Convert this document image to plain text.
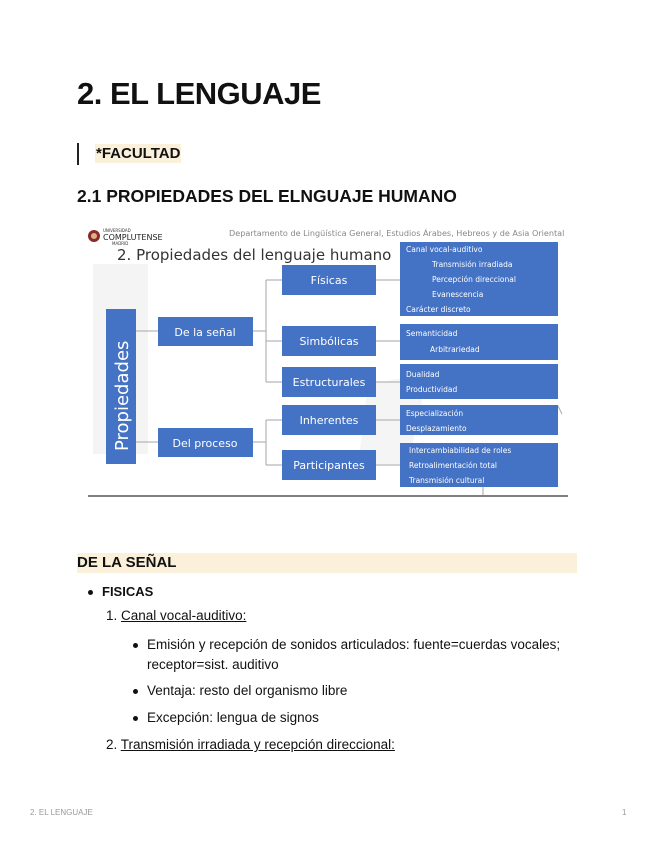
2. EL LENGUAJE
*FACULTAD
2.1 PROPIEDADES DEL ELNGUAJE HUMANO
UNIVERSIDAD
COMPLUTENSE
MADRID
Departamento de Lingüística General, Estudios Árabes, Hebreos y de Asia Oriental
2. Propiedades del lenguaje humano
Propiedades
De la señal
Del proceso
Físicas
Simbólicas
Estructurales
Inherentes
Participantes
Canal vocal-auditivo
Transmisión irradiada
Percepción direccional
Evanescencia
Carácter discreto
Semanticidad
Arbitrariedad
Dualidad
Productividad
Especialización
Desplazamiento
Intercambiabilidad de roles
Retroalimentación total
Transmisión cultural
DE LA SEÑAL
FISICAS
1. Canal vocal-auditivo:
Emisión y recepción de sonidos articulados: fuente=cuerdas vocales; receptor=sist. auditivo
Ventaja: resto del organismo libre
Excepción: lengua de signos
2. Transmisión irradiada y recepción direccional:
2. EL LENGUAJE	1
